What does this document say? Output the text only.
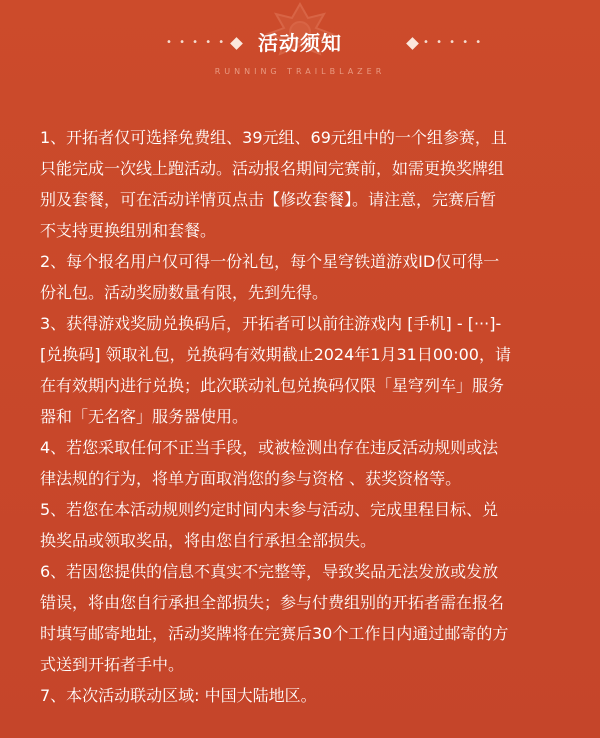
• • • • •	活动须知	• • • • •
RUNNING TRAILBLAZER
1、开拓者仅可选择免费组、39元组、69元组中的一个组参赛，且
只能完成一次线上跑活动。活动报名期间完赛前，如需更换奖牌组
别及套餐，可在活动详情页点击【修改套餐】。请注意，完赛后暂
不支持更换组别和套餐。
2、每个报名用户仅可得一份礼包，每个星穹铁道游戏ID仅可得一
份礼包。活动奖励数量有限，先到先得。
3、获得游戏奖励兑换码后，开拓者可以前往游戏内 [手机] - [···]-
[兑换码] 领取礼包，兑换码有效期截止2024年1月31日00:00，请
在有效期内进行兑换；此次联动礼包兑换码仅限「星穹列车」服务
器和「无名客」服务器使用。
4、若您采取任何不正当手段，或被检测出存在违反活动规则或法
律法规的行为，将单方面取消您的参与资格 、获奖资格等。
5、若您在本活动规则约定时间内未参与活动、完成里程目标、兑
换奖品或领取奖品，将由您自行承担全部损失。
6、若因您提供的信息不真实不完整等，导致奖品无法发放或发放
错误，将由您自行承担全部损失；参与付费组别的开拓者需在报名
时填写邮寄地址，活动奖牌将在完赛后30个工作日内通过邮寄的方
式送到开拓者手中。
7、本次活动联动区域: 中国大陆地区。
